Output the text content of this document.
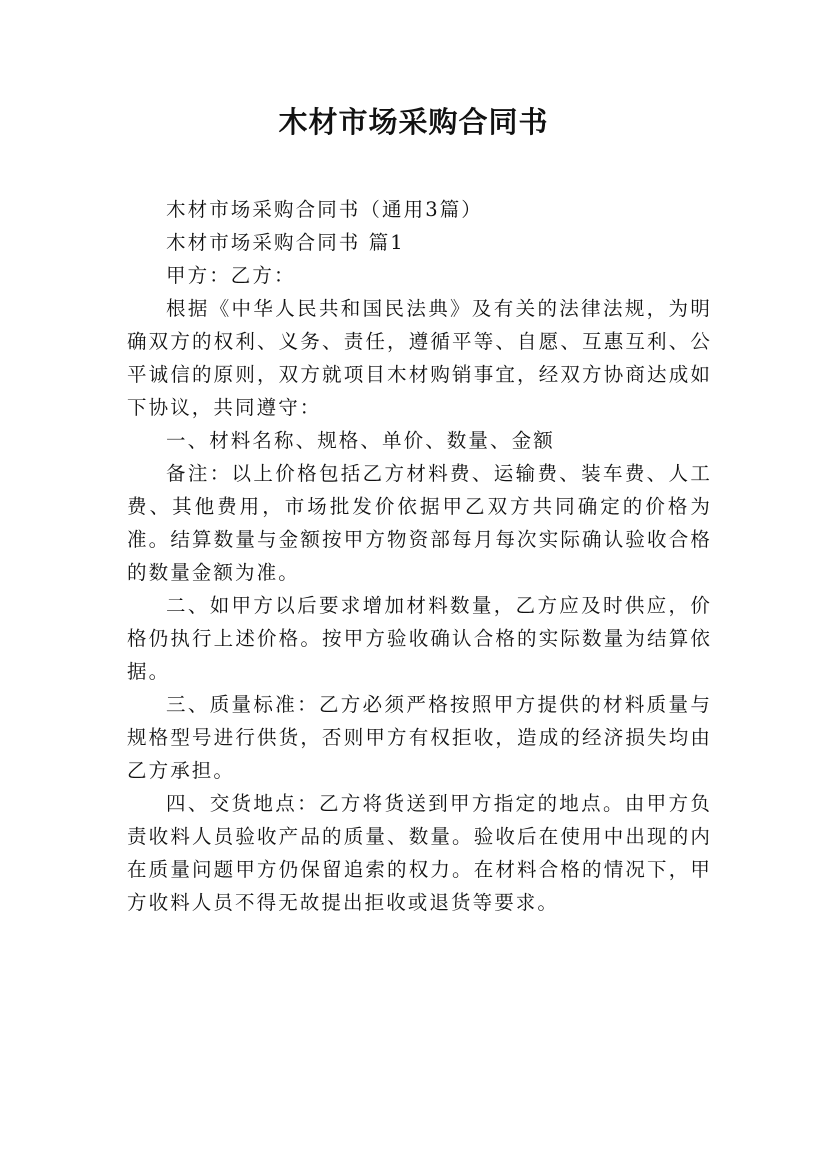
木材市场采购合同书

木材市场采购合同书（通用3篇）

木材市场采购合同书 篇1

甲方：乙方：

根据《中华人民共和国民法典》及有关的法律法规，为明确双方的权利、义务、责任，遵循平等、自愿、互惠互利、公平诚信的原则，双方就项目木材购销事宜，经双方协商达成如下协议，共同遵守：

一、材料名称、规格、单价、数量、金额

备注：以上价格包括乙方材料费、运输费、装车费、人工费、其他费用，市场批发价依据甲乙双方共同确定的价格为准。结算数量与金额按甲方物资部每月每次实际确认验收合格的数量金额为准。

二、如甲方以后要求增加材料数量，乙方应及时供应，价格仍执行上述价格。按甲方验收确认合格的实际数量为结算依据。

三、质量标准：乙方必须严格按照甲方提供的材料质量与规格型号进行供货，否则甲方有权拒收，造成的经济损失均由乙方承担。

四、交货地点：乙方将货送到甲方指定的地点。由甲方负责收料人员验收产品的质量、数量。验收后在使用中出现的内在质量问题甲方仍保留追索的权力。在材料合格的情况下，甲方收料人员不得无故提出拒收或退货等要求。
